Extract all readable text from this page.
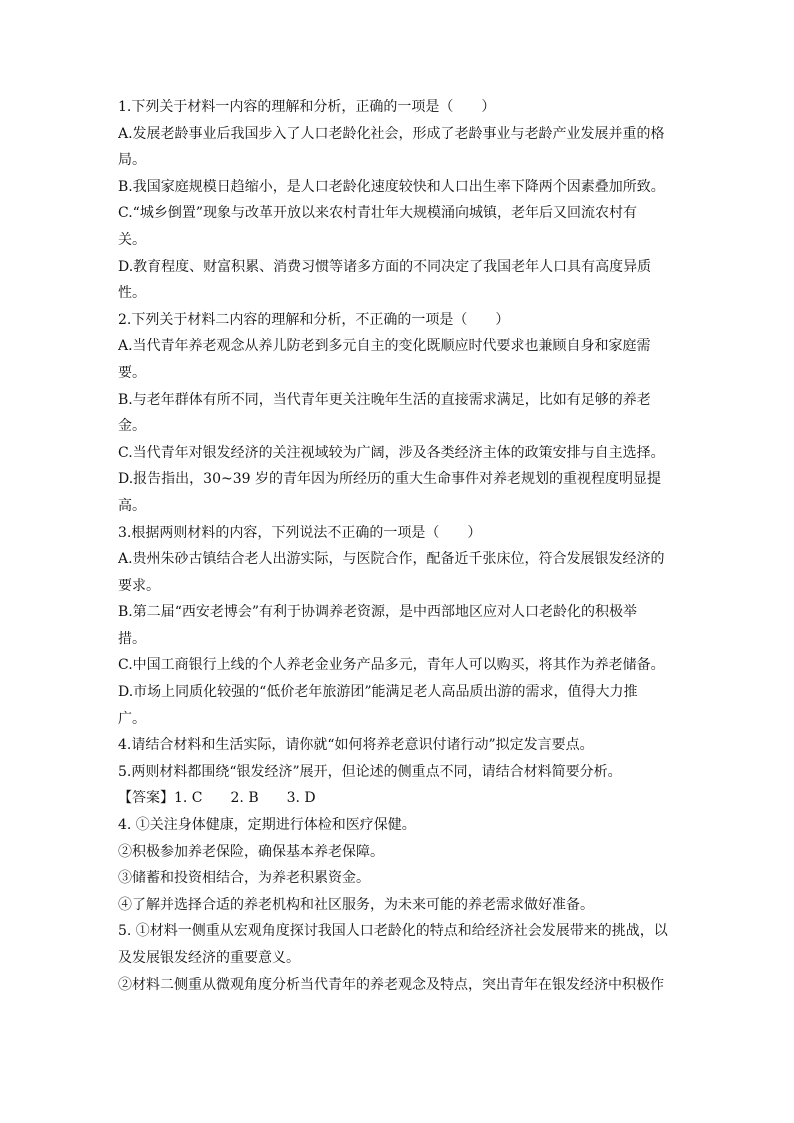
1.下列关于材料一内容的理解和分析，正确的一项是（　　）
A.发展老龄事业后我国步入了人口老龄化社会，形成了老龄事业与老龄产业发展并重的格
局。
B.我国家庭规模日趋缩小，是人口老龄化速度较快和人口出生率下降两个因素叠加所致。
C.“城乡倒置”现象与改革开放以来农村青壮年大规模涌向城镇，老年后又回流农村有
关。
D.教育程度、财富积累、消费习惯等诸多方面的不同决定了我国老年人口具有高度异质
性。
2.下列关于材料二内容的理解和分析，不正确的一项是（　　）
A.当代青年养老观念从养儿防老到多元自主的变化既顺应时代要求也兼顾自身和家庭需
要。
B.与老年群体有所不同，当代青年更关注晚年生活的直接需求满足，比如有足够的养老
金。
C.当代青年对银发经济的关注视域较为广阔，涉及各类经济主体的政策安排与自主选择。
D.报告指出，30~39 岁的青年因为所经历的重大生命事件对养老规划的重视程度明显提
高。
3.根据两则材料的内容，下列说法不正确的一项是（　　）
A.贵州朱砂古镇结合老人出游实际，与医院合作，配备近千张床位，符合发展银发经济的
要求。
B.第二届“西安老博会”有利于协调养老资源，是中西部地区应对人口老龄化的积极举
措。
C.中国工商银行上线的个人养老金业务产品多元，青年人可以购买，将其作为养老储备。
D.市场上同质化较强的“低价老年旅游团”能满足老人高品质出游的需求，值得大力推
广。
4.请结合材料和生活实际，请你就“如何将养老意识付诸行动”拟定发言要点。
5.两则材料都围绕“银发经济”展开，但论述的侧重点不同，请结合材料简要分析。
【答案】1. C　　2. B　　3. D
4. ①关注身体健康，定期进行体检和医疗保健。
②积极参加养老保险，确保基本养老保障。
③储蓄和投资相结合，为养老积累资金。
④了解并选择合适的养老机构和社区服务，为未来可能的养老需求做好准备。
5. ①材料一侧重从宏观角度探讨我国人口老龄化的特点和给经济社会发展带来的挑战，以
及发展银发经济的重要意义。
②材料二侧重从微观角度分析当代青年的养老观念及特点，突出青年在银发经济中积极作
